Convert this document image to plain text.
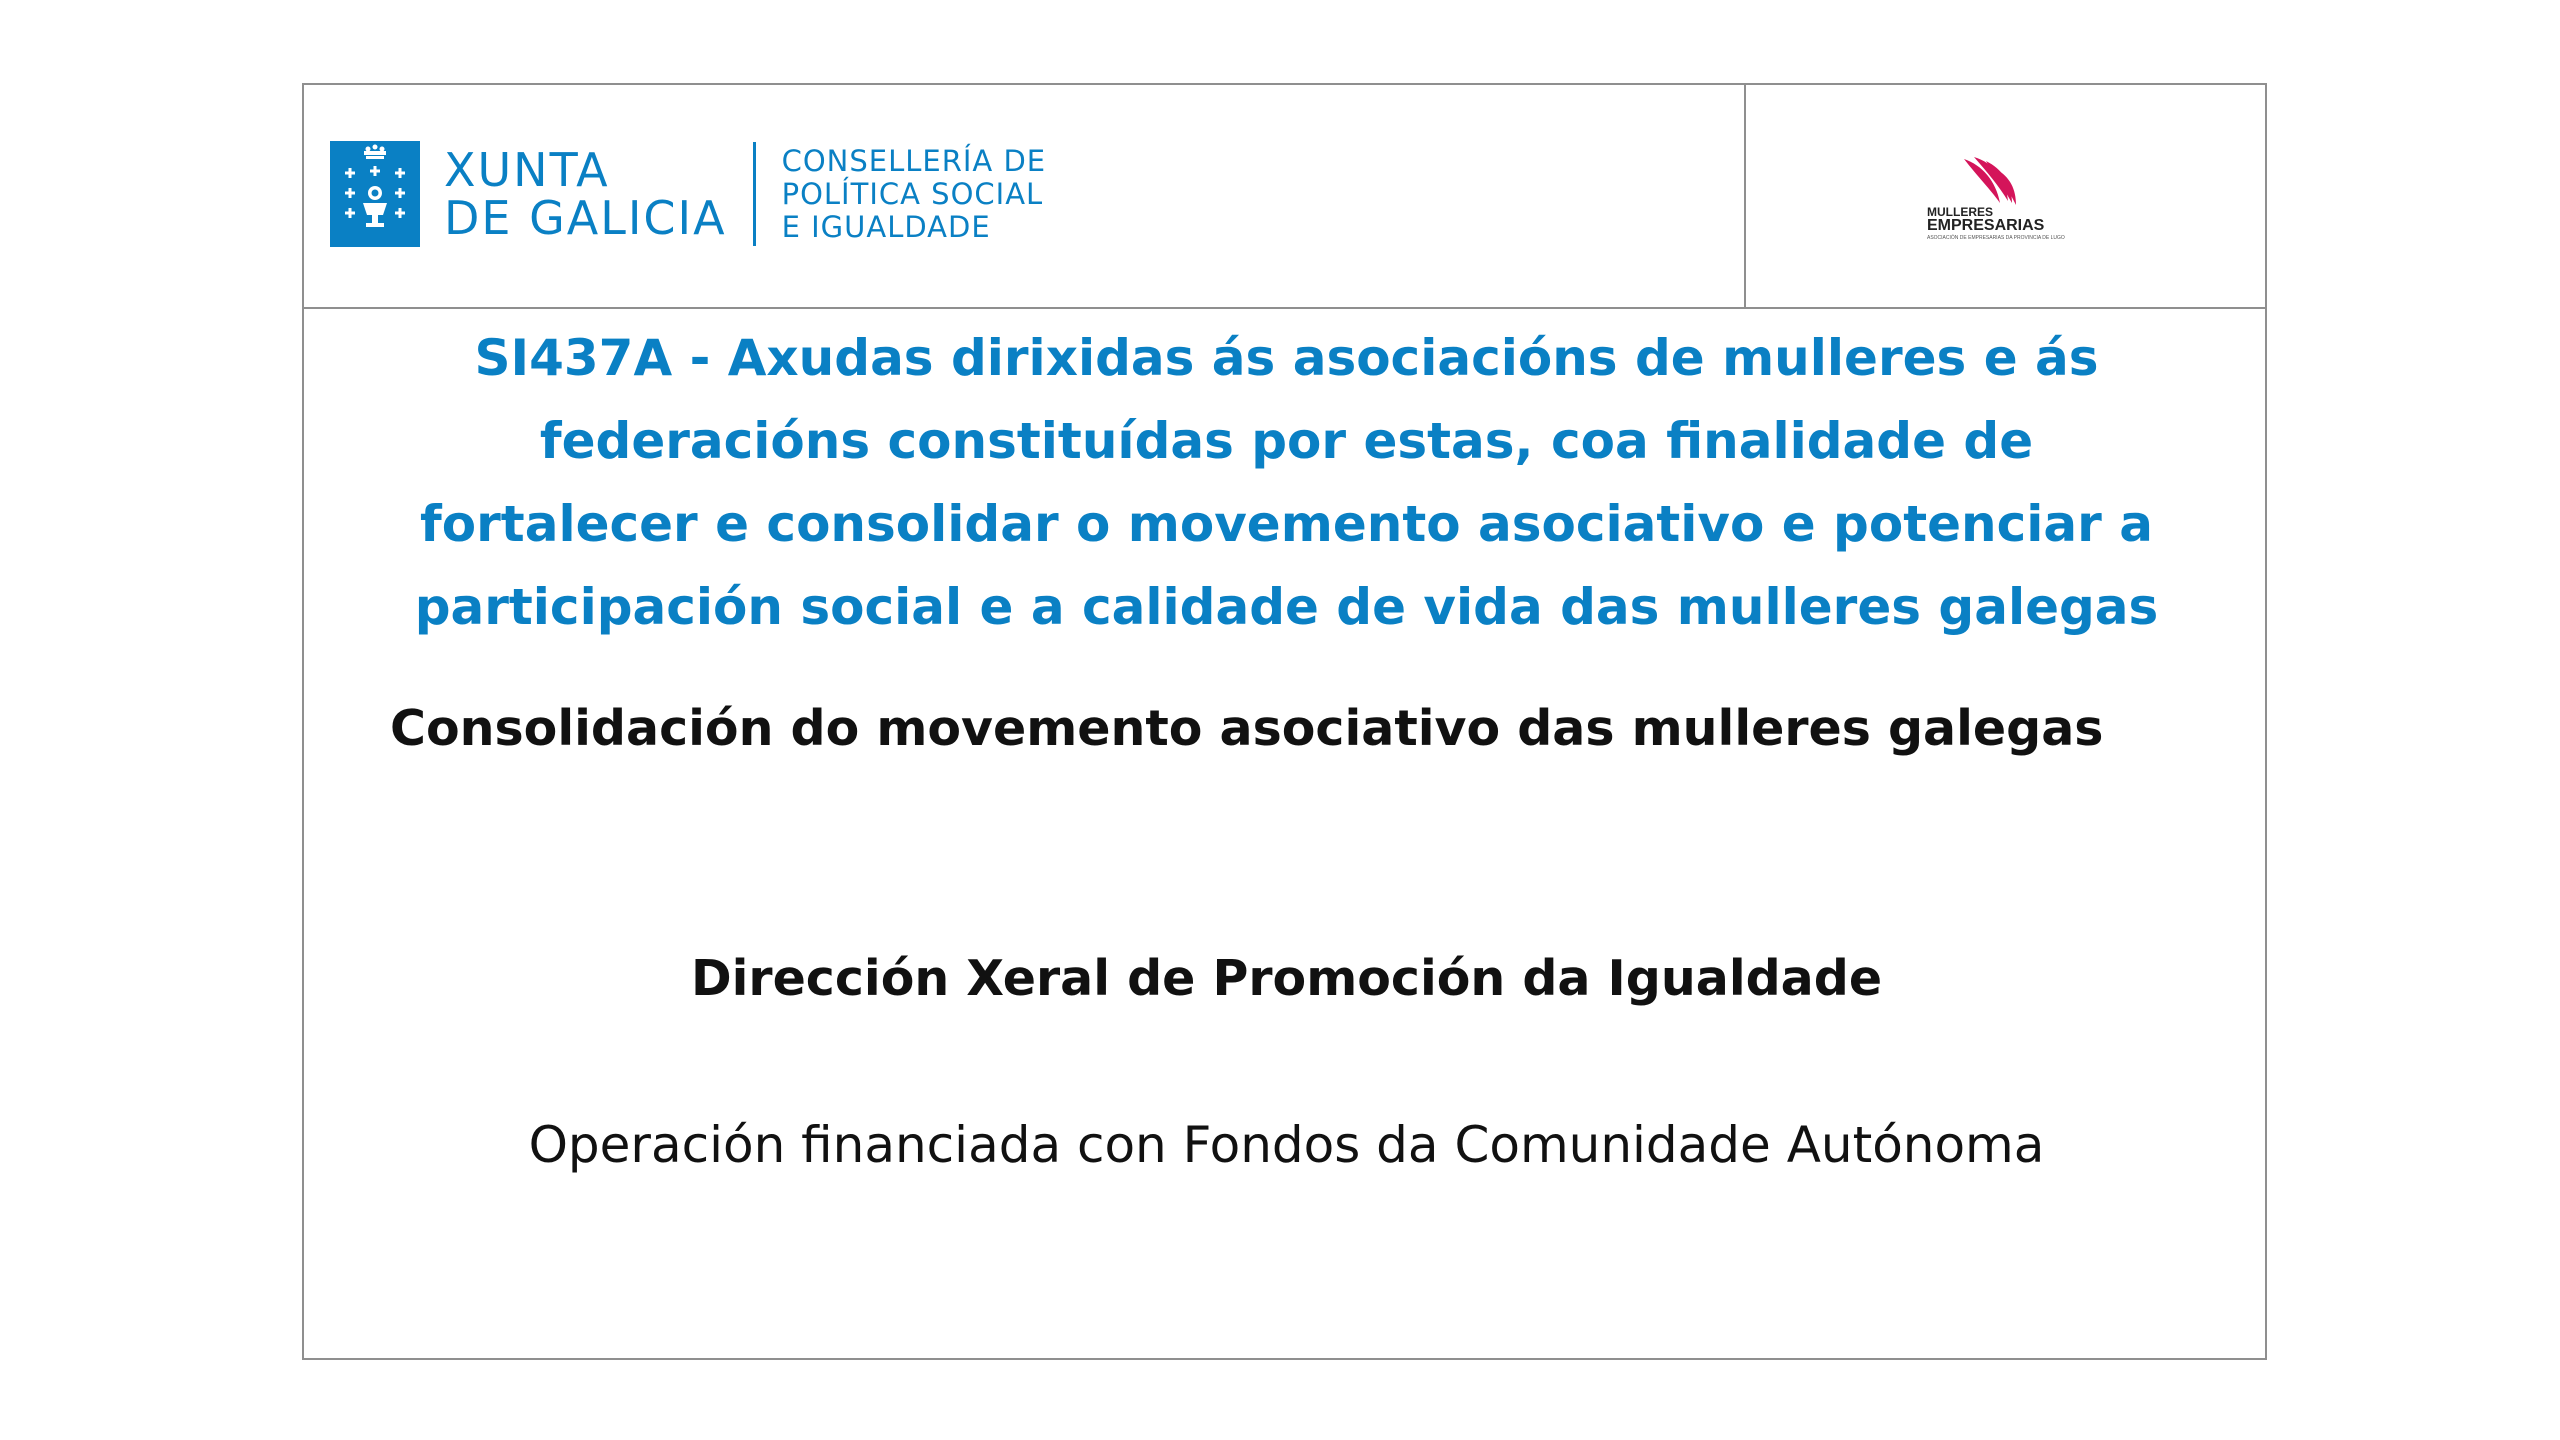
XUNTA
DE GALICIA
CONSELLERÍA DE
POLÍTICA SOCIAL
E IGUALDADE	MULLERES
EMPRESARIAS
ASOCIACIÓN DE EMPRESARIAS DA PROVINCIA DE LUGO
SI437A - Axudas dirixidas ás asociacións de mulleres e ás
federacións constituídas por estas, coa finalidade de
fortalecer e consolidar o movemento asociativo e potenciar a
participación social e a calidade de vida das mulleres galegas

Consolidación do movemento asociativo das mulleres galegas

Dirección Xeral de Promoción da Igualdade

Operación financiada con Fondos da Comunidade Autónoma
